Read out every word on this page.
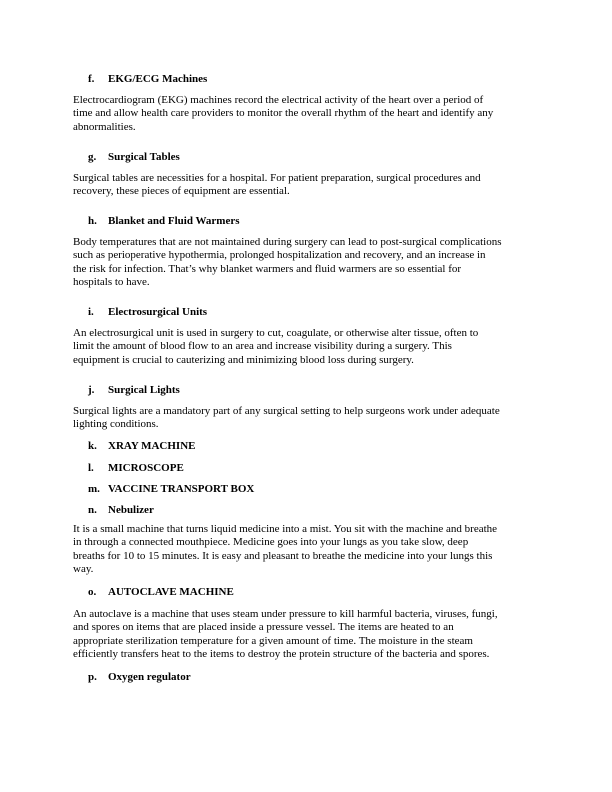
f. EKG/ECG Machines
Electrocardiogram (EKG) machines record the electrical activity of the heart over a period of
time and allow health care providers to monitor the overall rhythm of the heart and identify any
abnormalities.
g. Surgical Tables
Surgical tables are necessities for a hospital. For patient preparation, surgical procedures and
recovery, these pieces of equipment are essential.
h. Blanket and Fluid Warmers
Body temperatures that are not maintained during surgery can lead to post-surgical complications
such as perioperative hypothermia, prolonged hospitalization and recovery, and an increase in
the risk for infection. That’s why blanket warmers and fluid warmers are so essential for
hospitals to have.
i. Electrosurgical Units
An electrosurgical unit is used in surgery to cut, coagulate, or otherwise alter tissue, often to
limit the amount of blood flow to an area and increase visibility during a surgery. This
equipment is crucial to cauterizing and minimizing blood loss during surgery.
j. Surgical Lights
Surgical lights are a mandatory part of any surgical setting to help surgeons work under adequate
lighting conditions.
k. XRAY MACHINE
l. MICROSCOPE
m. VACCINE TRANSPORT BOX
n. Nebulizer
It is a small machine that turns liquid medicine into a mist. You sit with the machine and breathe
in through a connected mouthpiece. Medicine goes into your lungs as you take slow, deep
breaths for 10 to 15 minutes. It is easy and pleasant to breathe the medicine into your lungs this
way.
o. AUTOCLAVE MACHINE
An autoclave is a machine that uses steam under pressure to kill harmful bacteria, viruses, fungi,
and spores on items that are placed inside a pressure vessel. The items are heated to an
appropriate sterilization temperature for a given amount of time. The moisture in the steam
efficiently transfers heat to the items to destroy the protein structure of the bacteria and spores.
p. Oxygen regulator
